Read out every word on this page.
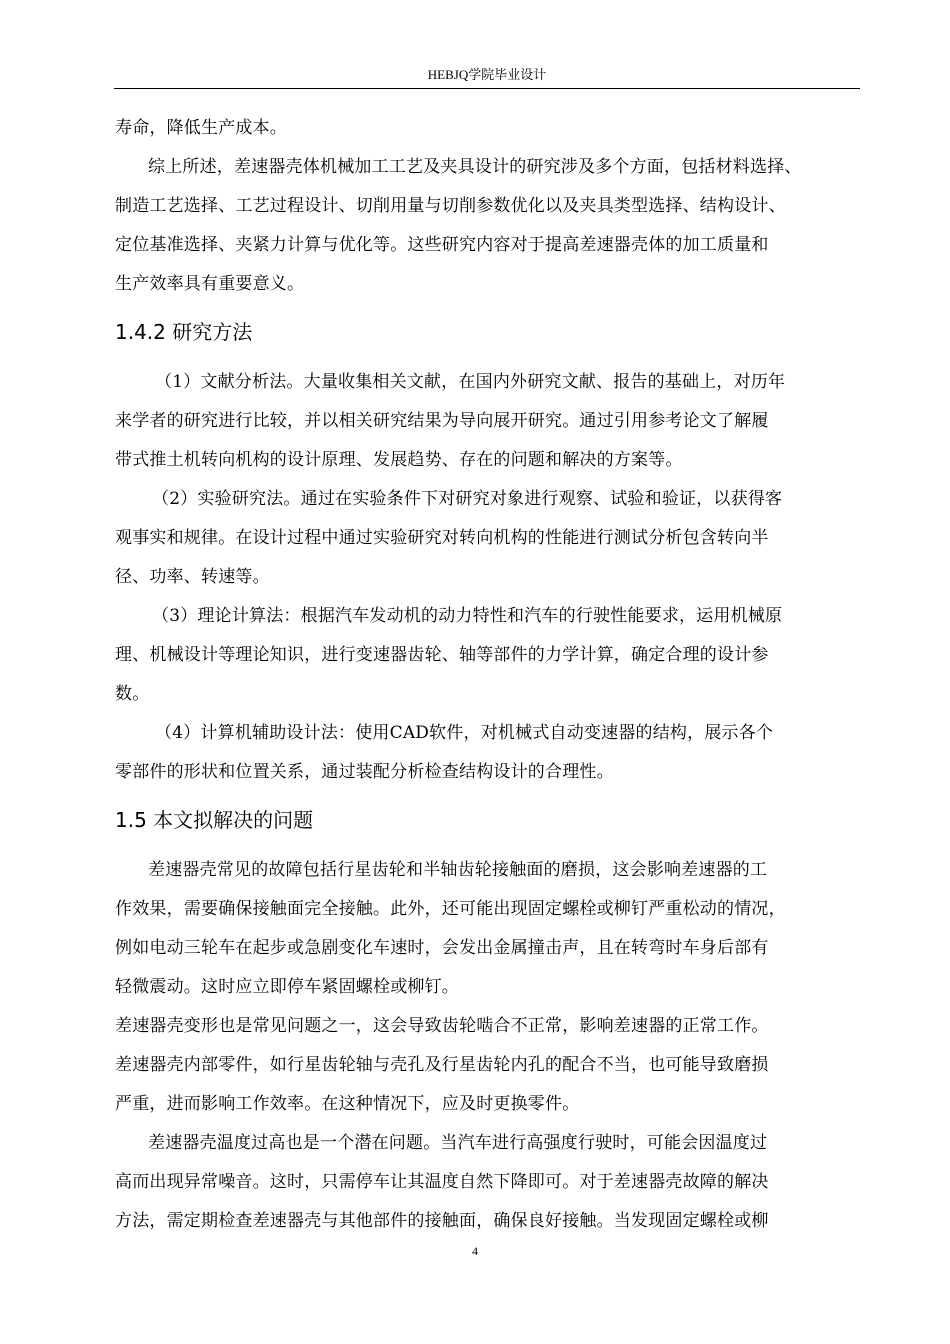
HEBJQ学院毕业设计
寿命，降低生产成本。
综上所述，差速器壳体机械加工工艺及夹具设计的研究涉及多个方面，包括材料选择、
制造工艺选择、工艺过程设计、切削用量与切削参数优化以及夹具类型选择、结构设计、
定位基准选择、夹紧力计算与优化等。这些研究内容对于提高差速器壳体的加工质量和
生产效率具有重要意义。
1.4.2 研究方法
（1）文献分析法。大量收集相关文献，在国内外研究文献、报告的基础上，对历年
来学者的研究进行比较，并以相关研究结果为导向展开研究。通过引用参考论文了解履
带式推土机转向机构的设计原理、发展趋势、存在的问题和解决的方案等。
（2）实验研究法。通过在实验条件下对研究对象进行观察、试验和验证，以获得客
观事实和规律。在设计过程中通过实验研究对转向机构的性能进行测试分析包含转向半
径、功率、转速等。
（3）理论计算法：根据汽车发动机的动力特性和汽车的行驶性能要求，运用机械原
理、机械设计等理论知识，进行变速器齿轮、轴等部件的力学计算，确定合理的设计参
数。
（4）计算机辅助设计法：使用CAD软件，对机械式自动变速器的结构，展示各个
零部件的形状和位置关系，通过装配分析检查结构设计的合理性。
1.5 本文拟解决的问题
差速器壳常见的故障包括行星齿轮和半轴齿轮接触面的磨损，这会影响差速器的工
作效果，需要确保接触面完全接触。此外，还可能出现固定螺栓或柳钉严重松动的情况，
例如电动三轮车在起步或急剧变化车速时，会发出金属撞击声，且在转弯时车身后部有
轻微震动。这时应立即停车紧固螺栓或柳钉。
差速器壳变形也是常见问题之一，这会导致齿轮啮合不正常，影响差速器的正常工作。
差速器壳内部零件，如行星齿轮轴与壳孔及行星齿轮内孔的配合不当，也可能导致磨损
严重，进而影响工作效率。在这种情况下，应及时更换零件。
差速器壳温度过高也是一个潜在问题。当汽车进行高强度行驶时，可能会因温度过
高而出现异常噪音。这时，只需停车让其温度自然下降即可。对于差速器壳故障的解决
方法，需定期检查差速器壳与其他部件的接触面，确保良好接触。当发现固定螺栓或柳
4
